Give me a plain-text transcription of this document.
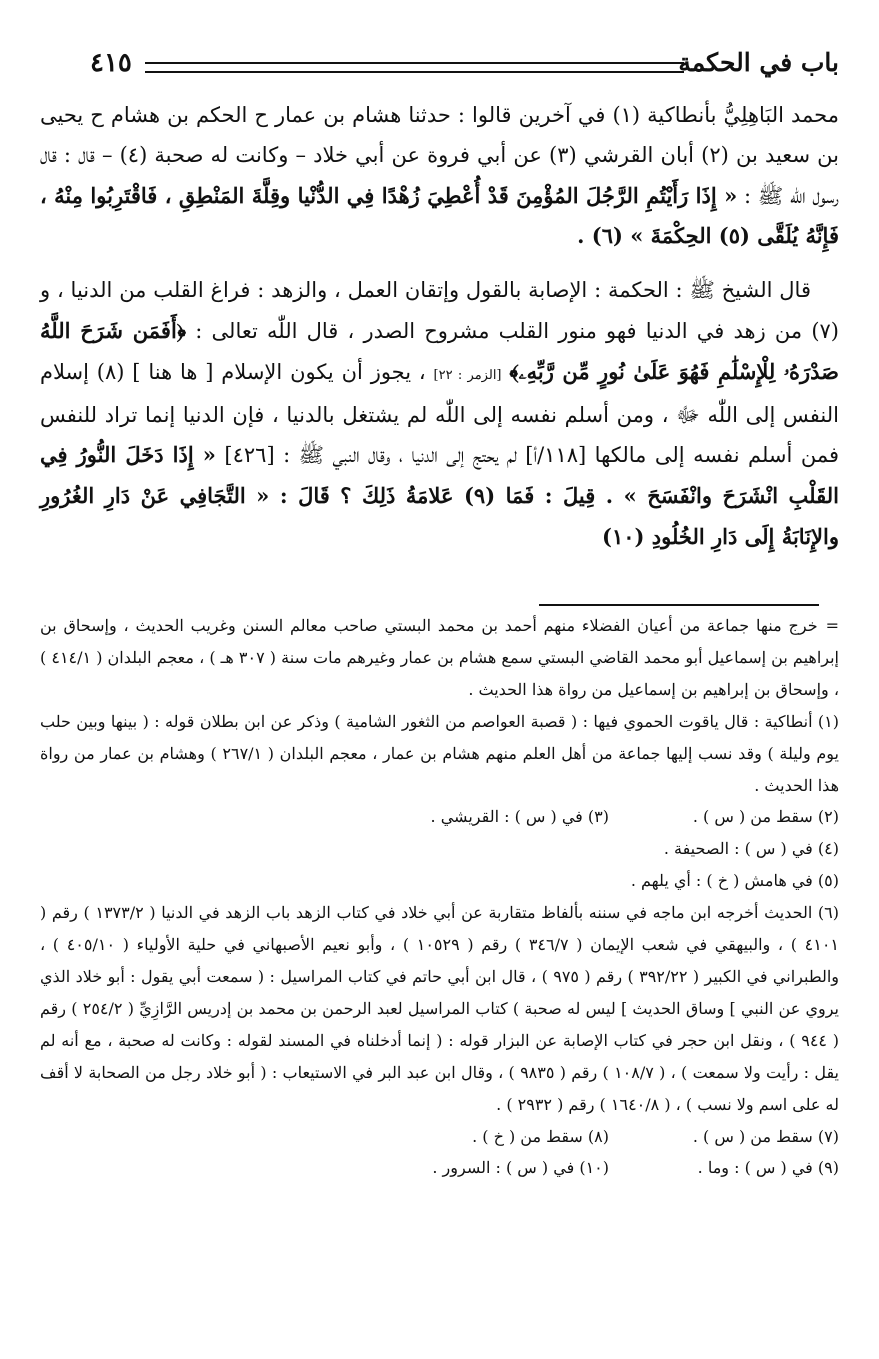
٤١٥	باب في الحكمة

محمد البَاهِلِيُّ بأنطاكية (١) في آخرين قالوا : حدثنا هشام بن عمار ح الحكم بن هشام ح يحيى بن سعيد بن (٢) أبان القرشي (٣) عن أبي فروة عن أبي خلاد – وكانت له صحبة (٤) – قال : قال رسول اللّٰه ﷺ : « إِذَا رَأَيْتُمِ الرَّجُلَ المُؤْمِنَ قَدْ أُعْطِيَ زُهْدًا فِي الدُّنْيا وقِلَّةَ المَنْطِقِ ، فَاقْتَرِبُوا مِنْهُ ، فَإِنَّهُ يُلَقَّى (٥) الحِكْمَةَ » (٦) .

قال الشيخ ﷺ : الحكمة : الإصابة بالقول وإتقان العمل ، والزهد : فراغ القلب من الدنيا ، و (٧) من زهد في الدنيا فهو منور القلب مشروح الصدر ، قال اللّٰه تعالى : ﴿أَفَمَن شَرَحَ اللَّهُ صَدْرَهُۥ لِلْإِسْلَٰمِ فَهُوَ عَلَىٰ نُورٍ مِّن رَّبِّهِۦ﴾ [الزمر : ٢٢] ، يجوز أن يكون الإسلام [ ها هنا ] (٨) إسلام النفس إلى اللّٰه ﷻ ، ومن أسلم نفسه إلى اللّٰه لم يشتغل بالدنيا ، فإن الدنيا إنما تراد للنفس فمن أسلم نفسه إلى مالكها [١١٨/أ] لم يحتج إلى الدنيا ، وقال النبي ﷺ : [٤٢٦] « إِذَا دَخَلَ النُّورُ فِي القَلْبِ انْشَرَحَ وانْفَسَحَ » . قِيلَ : فَمَا (٩) عَلامَةُ ذَلِكَ ؟ قَالَ : « التَّجَافِي عَنْ دَارِ الغُرُورِ والإِنَابَةُ إِلَى دَارِ الخُلُودِ (١٠)

=خرج منها جماعة من أعيان الفضلاء منهم أحمد بن محمد البستي صاحب معالم السنن وغريب الحديث ، وإسحاق بن إبراهيم بن إسماعيل أبو محمد القاضي البستي سمع هشام بن عمار وغيرهم مات سنة ( ٣٠٧ هـ ) ، معجم البلدان ( ٤١٤/١ ) ، وإسحاق بن إبراهيم بن إسماعيل من رواة هذا الحديث .

(١) أنطاكية : قال ياقوت الحموي فيها : ( قصبة العواصم من الثغور الشامية ) وذكر عن ابن بطلان قوله : ( بينها وبين حلب يوم وليلة ) وقد نسب إليها جماعة من أهل العلم منهم هشام بن عمار ، معجم البلدان ( ٢٦٧/١ ) وهشام بن عمار من رواة هذا الحديث .

(٢) سقط من ( س ) .
(٣) في ( س ) : القريشي .

(٤) في ( س ) : الصحيفة .

(٥) في هامش ( خ ) : أي يلهم .

(٦) الحديث أخرجه ابن ماجه في سننه بألفاظ متقاربة عن أبي خلاد في كتاب الزهد باب الزهد في الدنيا ( ١٣٧٣/٢ ) رقم ( ٤١٠١ ) ، والبيهقي في شعب الإيمان ( ٣٤٦/٧ ) رقم ( ١٠٥٢٩ ) ، وأبو نعيم الأصبهاني في حلية الأولياء ( ٤٠٥/١٠ ) ، والطبراني في الكبير ( ٣٩٢/٢٢ ) رقم ( ٩٧٥ ) ، قال ابن أبي حاتم في كتاب المراسيل : ( سمعت أبي يقول : أبو خلاد الذي يروي عن النبي ] وساق الحديث ] ليس له صحبة ) كتاب المراسيل لعبد الرحمن بن محمد بن إدريس الرَّازِيِّ ( ٢٥٤/٢ ) رقم ( ٩٤٤ ) ، ونقل ابن حجر في كتاب الإصابة عن البزار قوله : ( إنما أدخلناه في المسند لقوله : وكانت له صحبة ، مع أنه لم يقل : رأيت ولا سمعت ) ، ( ١٠٨/٧ ) رقم ( ٩٨٣٥ ) ، وقال ابن عبد البر في الاستيعاب : ( أبو خلاد رجل من الصحابة لا أقف له على اسم ولا نسب ) ، ( ١٦٤٠/٨ ) رقم ( ٢٩٣٢ ) .

(٧) سقط من ( س ) .
(٨) سقط من ( خ ) .

(٩) في ( س ) : وما .
(١٠) في ( س ) : السرور .
